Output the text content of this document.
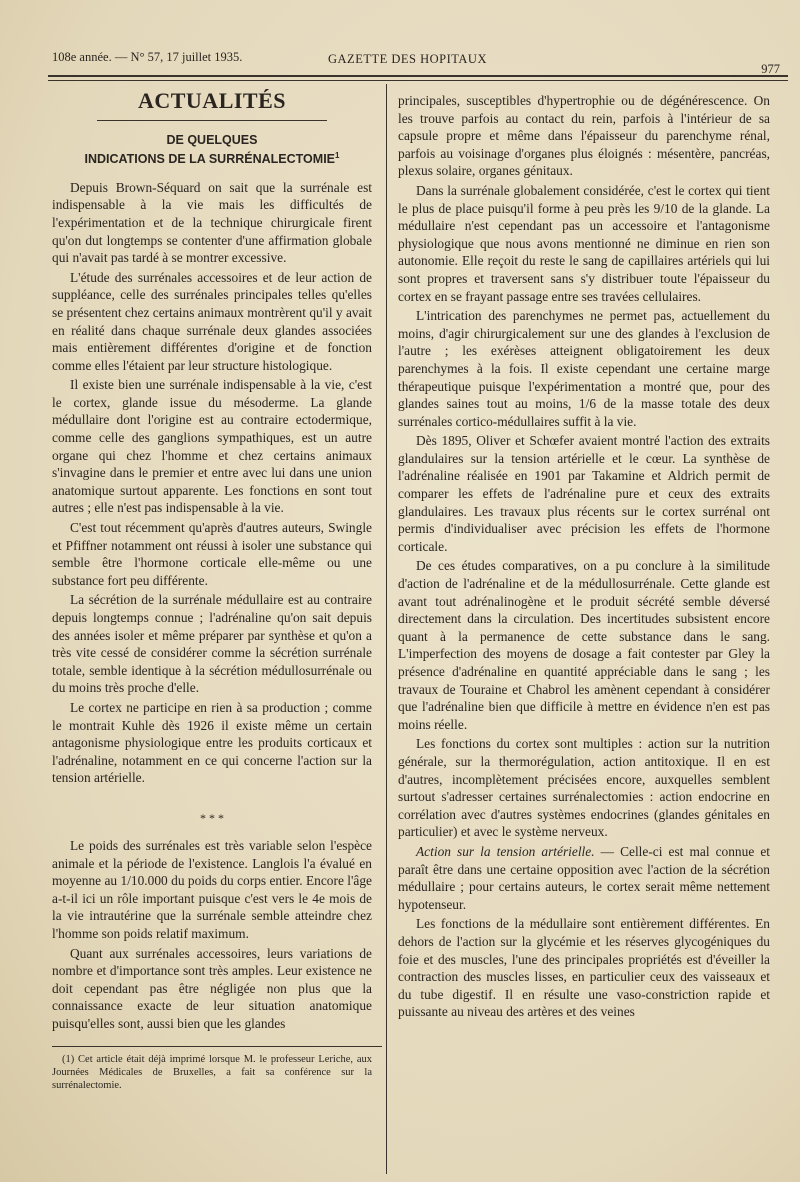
108e année. — N° 57, 17 juillet 1935.	GAZETTE DES HOPITAUX
977
ACTUALITÉS
DE QUELQUES
INDICATIONS DE LA SURRÉNALECTOMIE$^1$

Depuis Brown-Séquard on sait que la surrénale est indispensable à la vie mais les difficultés de l'expérimentation et de la technique chirurgicale firent qu'on dut longtemps se contenter d'une affirmation globale qui n'avait pas tardé à se montrer excessive.

L'étude des surrénales accessoires et de leur action de suppléance, celle des surrénales principales telles qu'elles se présentent chez certains animaux montrèrent qu'il y avait en réalité dans chaque surrénale deux glandes associées mais entièrement différentes d'origine et de fonction comme elles l'étaient par leur structure histologique.

Il existe bien une surrénale indispensable à la vie, c'est le cortex, glande issue du mésoderme. La glande médullaire dont l'origine est au contraire ectodermique, comme celle des ganglions sympathiques, est un autre organe qui chez l'homme et chez certains animaux s'invagine dans le premier et entre avec lui dans une union anatomique surtout apparente. Les fonctions en sont tout autres ; elle n'est pas indispensable à la vie.

C'est tout récemment qu'après d'autres auteurs, Swingle et Pfiffner notamment ont réussi à isoler une substance qui semble être l'hormone corticale elle-même ou une substance fort peu différente.

La sécrétion de la surrénale médullaire est au contraire depuis longtemps connue ; l'adrénaline qu'on sait depuis des années isoler et même préparer par synthèse et qu'on a très vite cessé de considérer comme la sécrétion surrénale totale, semble identique à la sécrétion médullosurrénale ou du moins très proche d'elle.

Le cortex ne participe en rien à sa production ; comme le montrait Kuhle dès 1926 il existe même un certain antagonisme physiologique entre les produits corticaux et l'adrénaline, notamment en ce qui concerne l'action sur la tension artérielle.

* * *

Le poids des surrénales est très variable selon l'espèce animale et la période de l'existence. Langlois l'a évalué en moyenne au 1/10.000 du poids du corps entier. Encore l'âge a-t-il ici un rôle important puisque c'est vers le 4e mois de la vie intrautérine que la surrénale semble atteindre chez l'homme son poids relatif maximum.

Quant aux surrénales accessoires, leurs variations de nombre et d'importance sont très amples. Leur existence ne doit cependant pas être négligée non plus que la connaissance exacte de leur situation anatomique puisqu'elles sont, aussi bien que les glandes

(1) Cet article était déjà imprimé lorsque M. le professeur Leriche, aux Journées Médicales de Bruxelles, a fait sa conférence sur la surrénalectomie.

principales, susceptibles d'hypertrophie ou de dégénérescence. On les trouve parfois au contact du rein, parfois à l'intérieur de sa capsule propre et même dans l'épaisseur du parenchyme rénal, parfois au voisinage d'organes plus éloignés : mésentère, pancréas, plexus solaire, organes génitaux.

Dans la surrénale globalement considérée, c'est le cortex qui tient le plus de place puisqu'il forme à peu près les 9/10 de la glande. La médullaire n'est cependant pas un accessoire et l'antagonisme physiologique que nous avons mentionné ne diminue en rien son autonomie. Elle reçoit du reste le sang de capillaires artériels qui lui sont propres et traversent sans s'y distribuer toute l'épaisseur du cortex en se frayant passage entre ses travées cellulaires.

L'intrication des parenchymes ne permet pas, actuellement du moins, d'agir chirurgicalement sur une des glandes à l'exclusion de l'autre ; les exérèses atteignent obligatoirement les deux parenchymes à la fois. Il existe cependant une certaine marge thérapeutique puisque l'expérimentation a montré que, pour des glandes saines tout au moins, 1/6 de la masse totale des deux surrénales cortico-médullaires suffit à la vie.

Dès 1895, Oliver et Schœfer avaient montré l'action des extraits glandulaires sur la tension artérielle et le cœur. La synthèse de l'adrénaline réalisée en 1901 par Takamine et Aldrich permit de comparer les effets de l'adrénaline pure et ceux des extraits glandulaires. Les travaux plus récents sur le cortex surrénal ont permis d'individualiser avec précision les effets de l'hormone corticale.

De ces études comparatives, on a pu conclure à la similitude d'action de l'adrénaline et de la médullosurrénale. Cette glande est avant tout adrénalinogène et le produit sécrété semble déversé directement dans la circulation. Des incertitudes subsistent encore quant à la permanence de cette substance dans le sang. L'imperfection des moyens de dosage a fait contester par Gley la présence d'adrénaline en quantité appréciable dans le sang ; les travaux de Touraine et Chabrol les amènent cependant à considérer que l'adrénaline bien que difficile à mettre en évidence n'en est pas moins réelle.

Les fonctions du cortex sont multiples : action sur la nutrition générale, sur la thermorégulation, action antitoxique. Il en est d'autres, incomplètement précisées encore, auxquelles semblent surtout s'adresser certaines surrénalectomies : action endocrine en corrélation avec d'autres systèmes endocrines (glandes génitales en particulier) et avec le système nerveux.

Action sur la tension artérielle. — Celle-ci est mal connue et paraît être dans une certaine opposition avec l'action de la sécrétion médullaire ; pour certains auteurs, le cortex serait même nettement hypotenseur.

Les fonctions de la médullaire sont entièrement différentes. En dehors de l'action sur la glycémie et les réserves glycogéniques du foie et des muscles, l'une des principales propriétés est d'éveiller la contraction des muscles lisses, en particulier ceux des vaisseaux et du tube digestif. Il en résulte une vaso-constriction rapide et puissante au niveau des artères et des veines
